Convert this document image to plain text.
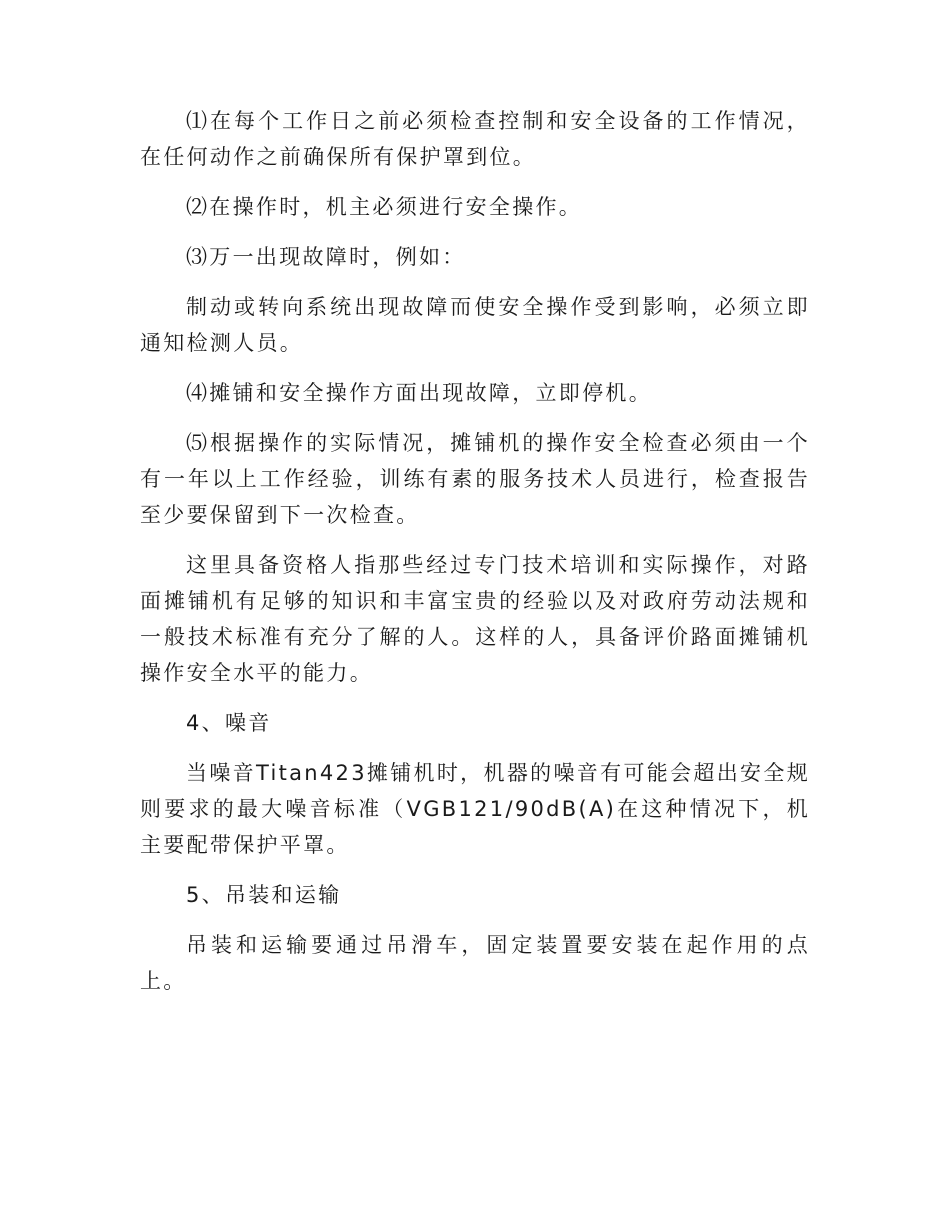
⑴在每个工作日之前必须检查控制和安全设备的工作情况，在任何动作之前确保所有保护罩到位。

⑵在操作时，机主必须进行安全操作。

⑶万一出现故障时，例如：

制动或转向系统出现故障而使安全操作受到影响，必须立即通知检测人员。

⑷摊铺和安全操作方面出现故障，立即停机。

⑸根据操作的实际情况，摊铺机的操作安全检查必须由一个有一年以上工作经验，训练有素的服务技术人员进行，检查报告至少要保留到下一次检查。

这里具备资格人指那些经过专门技术培训和实际操作，对路面摊铺机有足够的知识和丰富宝贵的经验以及对政府劳动法规和一般技术标准有充分了解的人。这样的人，具备评价路面摊铺机操作安全水平的能力。

4、噪音

当噪音Titan423摊铺机时，机器的噪音有可能会超出安全规则要求的最大噪音标准（VGB121/90dB(A)在这种情况下，机主要配带保护平罩。

5、吊装和运输

吊装和运输要通过吊滑车，固定装置要安装在起作用的点上。
